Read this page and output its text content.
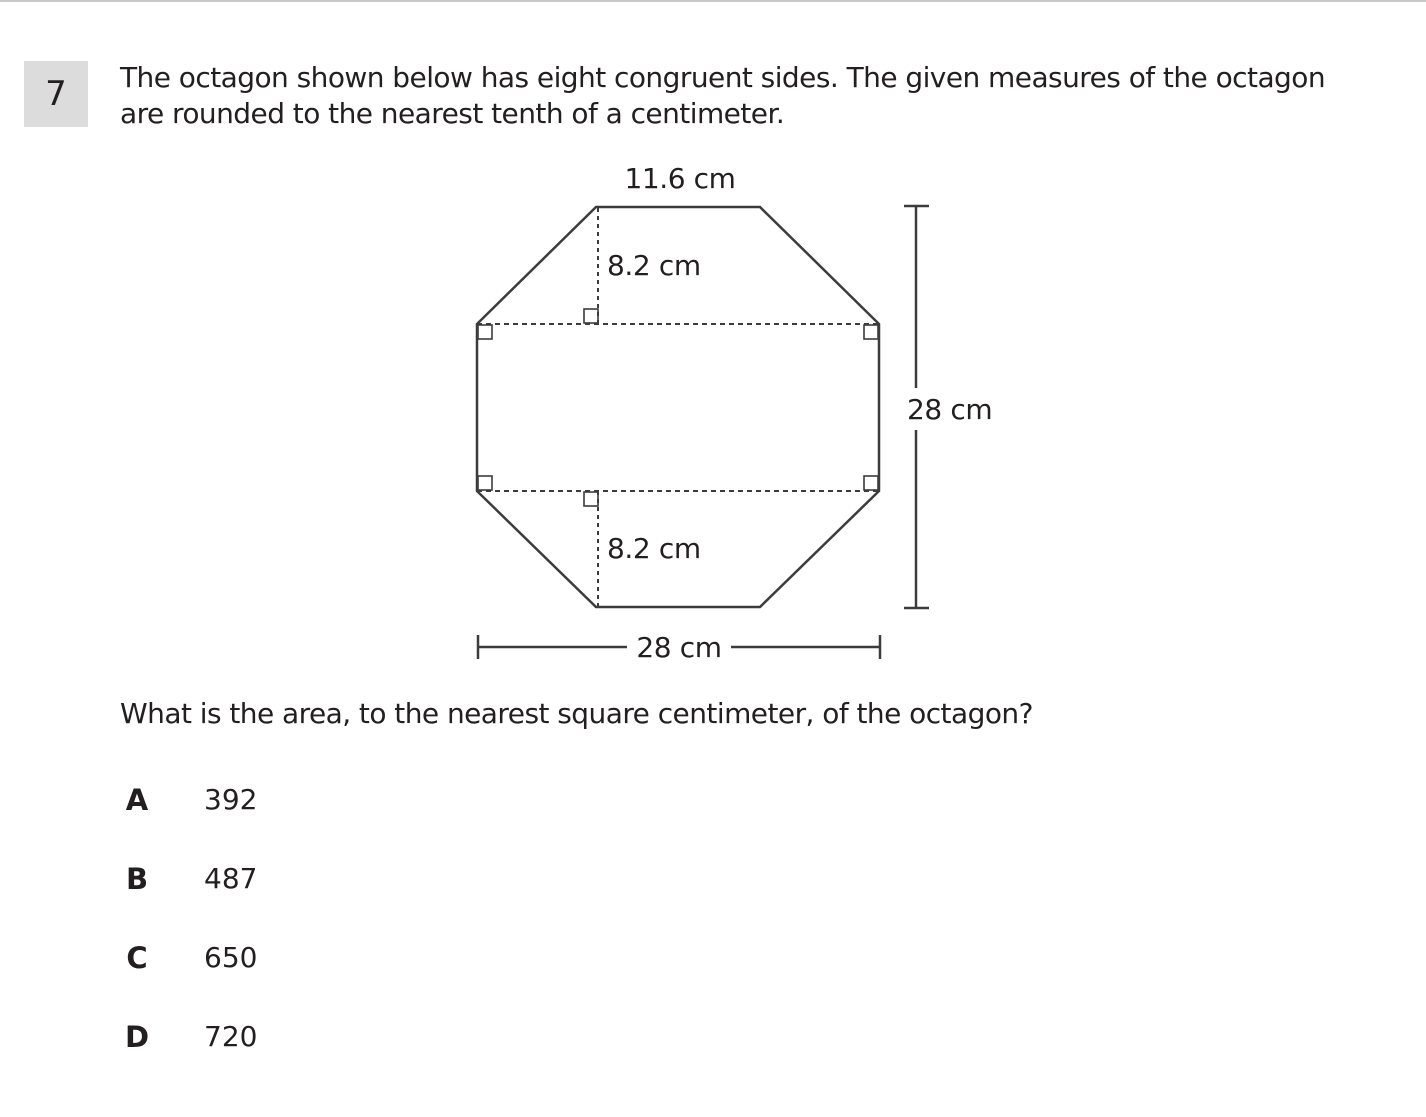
7	The octagon shown below has eight congruent sides. The given measures of the octagon

are rounded to the nearest tenth of a centimeter.

11.6 cm
8.2 cm
8.2 cm
28 cm
28 cm
What is the area, to the nearest square centimeter, of the octagon?
A 392
B 487
C 650
D 720
